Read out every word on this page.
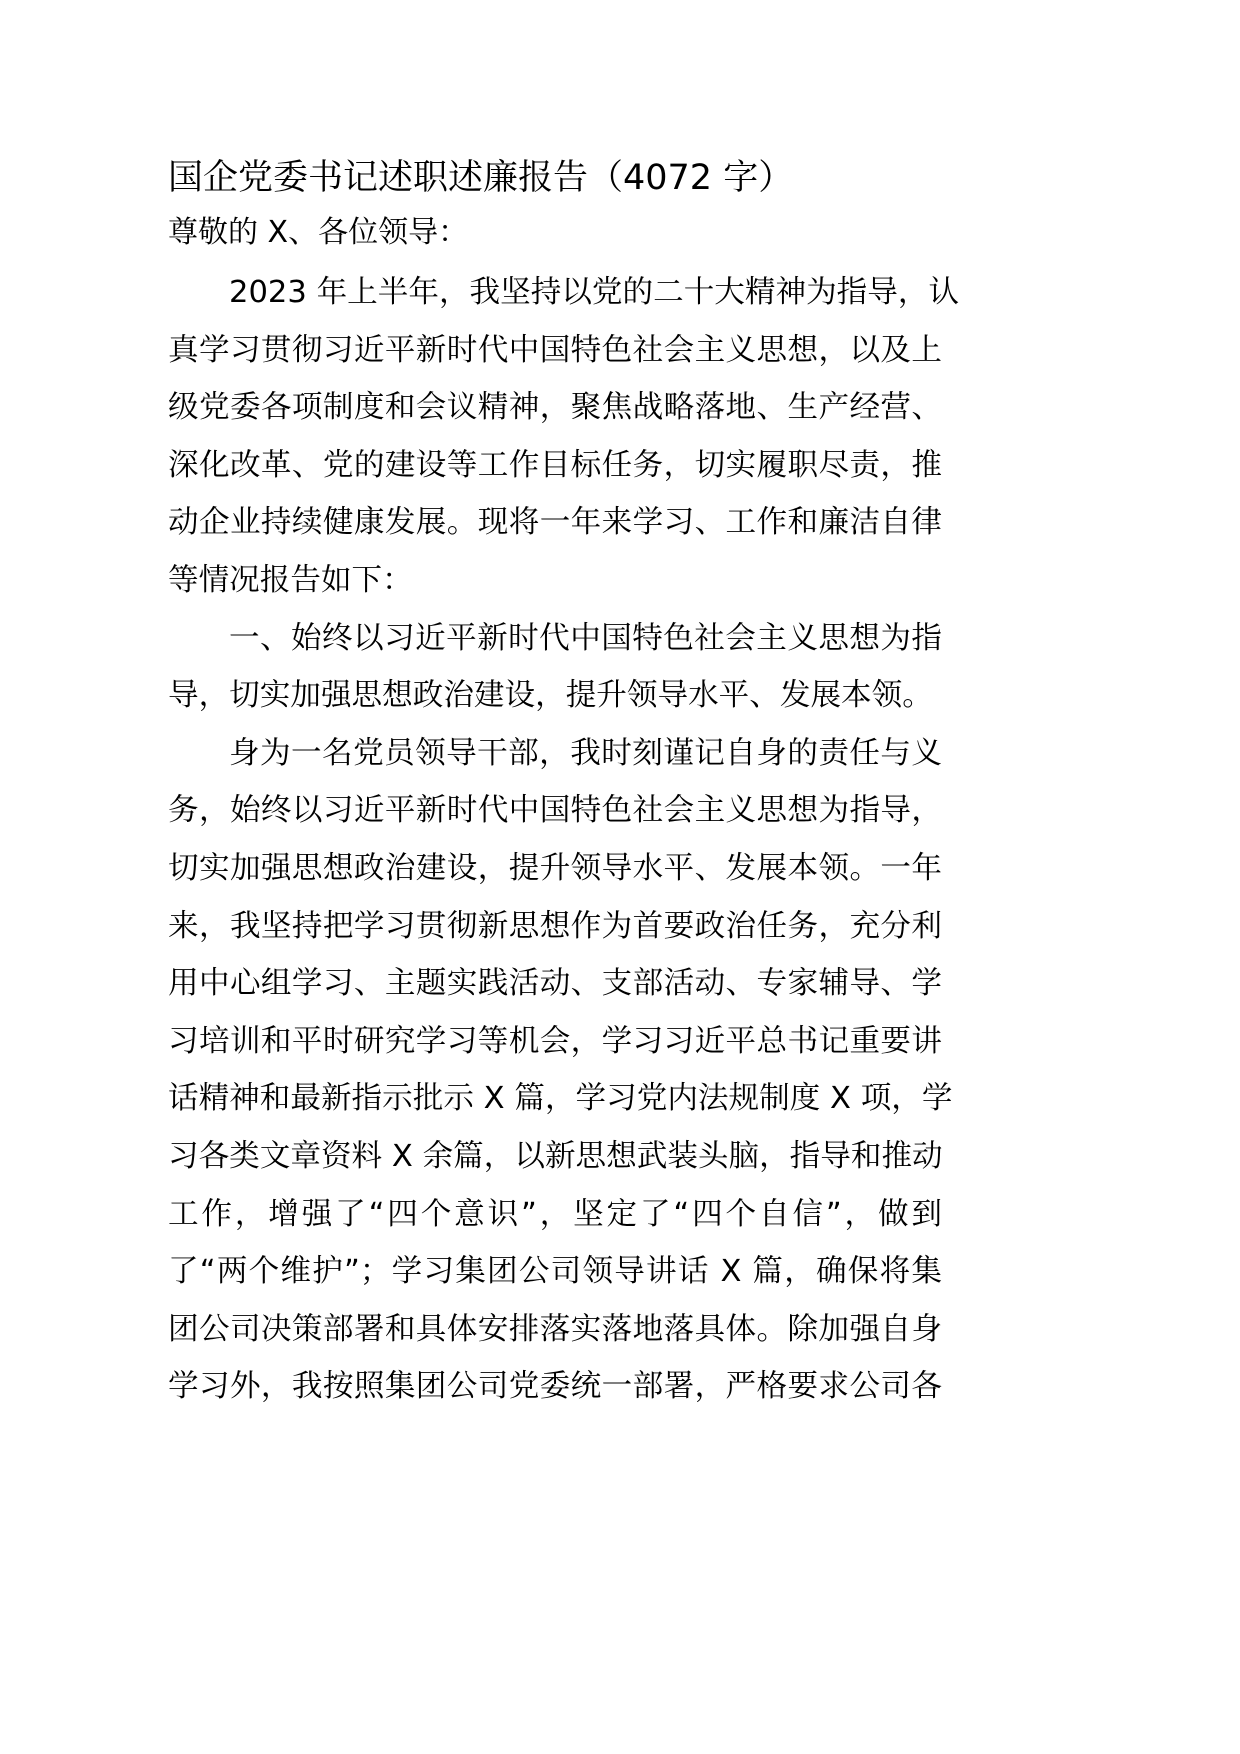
国企党委书记述职述廉报告（4072 字）

尊敬的 X、各位领导：

2023 年上半年，我坚持以党的二十大精神为指导，认
真学习贯彻习近平新时代中国特色社会主义思想，以及上
级党委各项制度和会议精神，聚焦战略落地、生产经营、
深化改革、党的建设等工作目标任务，切实履职尽责，推
动企业持续健康发展。现将一年来学习、工作和廉洁自律
等情况报告如下：
一、始终以习近平新时代中国特色社会主义思想为指
导，切实加强思想政治建设，提升领导水平、发展本领。
身为一名党员领导干部，我时刻谨记自身的责任与义
务，始终以习近平新时代中国特色社会主义思想为指导，
切实加强思想政治建设，提升领导水平、发展本领。一年
来，我坚持把学习贯彻新思想作为首要政治任务，充分利
用中心组学习、主题实践活动、支部活动、专家辅导、学
习培训和平时研究学习等机会，学习习近平总书记重要讲
话精神和最新指示批示 X 篇，学习党内法规制度 X 项，学
习各类文章资料 X 余篇，以新思想武装头脑，指导和推动
工作，增强了“四个意识”，坚定了“四个自信”，做到
了“两个维护”；学习集团公司领导讲话 X 篇，确保将集
团公司决策部署和具体安排落实落地落具体。除加强自身
学习外，我按照集团公司党委统一部署，严格要求公司各
